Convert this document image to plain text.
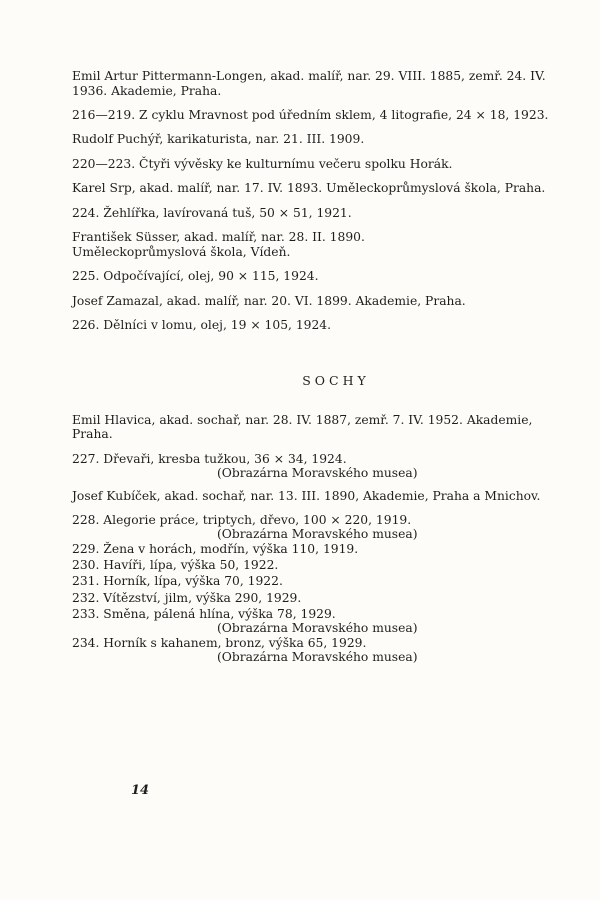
Emil Artur Pittermann-Longen, akad. malíř, nar. 29. VIII. 1885, zemř. 24. IV.
1936. Akademie, Praha.
216—219. Z cyklu Mravnost pod úředním sklem, 4 litografie, 24 × 18, 1923.
Rudolf Puchýř, karikaturista, nar. 21. III. 1909.
220—223. Čtyři vývěsky ke kulturnímu večeru spolku Horák.
Karel Srp, akad. malíř, nar. 17. IV. 1893. Uměleckoprůmyslová škola, Praha.
224. Žehlířka, lavírovaná tuš, 50 × 51, 1921.
František Süsser, akad. malíř, nar. 28. II. 1890.
Uměleckoprůmyslová škola, Vídeň.
225. Odpočívající, olej, 90 × 115, 1924.
Josef Zamazal, akad. malíř, nar. 20. VI. 1899. Akademie, Praha.
226. Dělníci v lomu, olej, 19 × 105, 1924.
SOCHY
Emil Hlavica, akad. sochař, nar. 28. IV. 1887, zemř. 7. IV. 1952. Akademie,
Praha.
227. Dřevaři, kresba tužkou, 36 × 34, 1924.
(Obrazárna Moravského musea)
Josef Kubíček, akad. sochař, nar. 13. III. 1890, Akademie, Praha a Mnichov.
228. Alegorie práce, triptych, dřevo, 100 × 220, 1919.
(Obrazárna Moravského musea)
229. Žena v horách, modřín, výška 110, 1919.
230. Havíři, lípa, výška 50, 1922.
231. Horník, lípa, výška 70, 1922.
232. Vítězství, jilm, výška 290, 1929.
233. Směna, pálená hlína, výška 78, 1929.
(Obrazárna Moravského musea)
234. Horník s kahanem, bronz, výška 65, 1929.
(Obrazárna Moravského musea)
14
